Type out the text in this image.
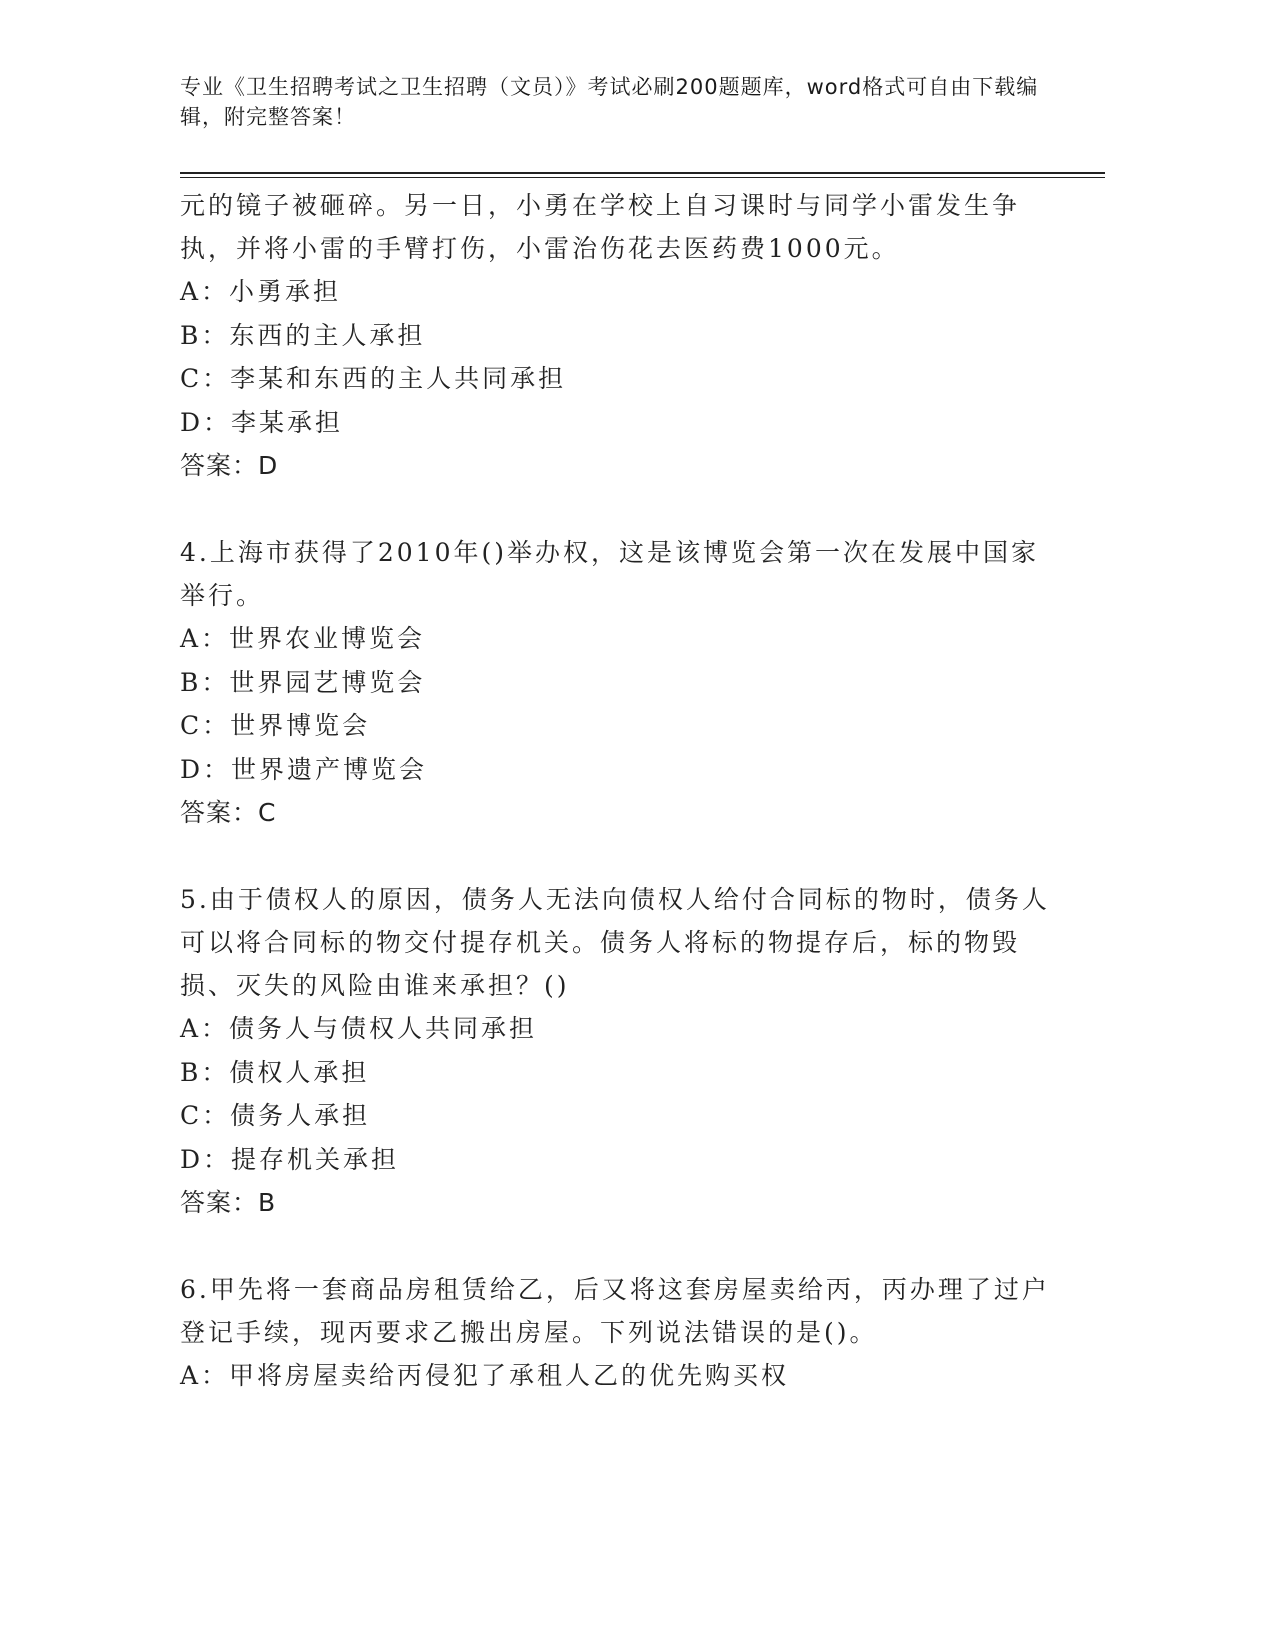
专业《卫生招聘考试之卫生招聘（文员）》考试必刷200题题库，word格式可自由下载编辑，附完整答案！

元的镜子被砸碎。另一日，小勇在学校上自习课时与同学小雷发生争执，并将小雷的手臂打伤，小雷治伤花去医药费1000元。

A：小勇承担

B：东西的主人承担

C：李某和东西的主人共同承担

D：李某承担

答案：D

4.上海市获得了2010年()举办权，这是该博览会第一次在发展中国家举行。

A：世界农业博览会

B：世界园艺博览会

C：世界博览会

D：世界遗产博览会

答案：C

5.由于债权人的原因，债务人无法向债权人给付合同标的物时，债务人可以将合同标的物交付提存机关。债务人将标的物提存后，标的物毁损、灭失的风险由谁来承担？()

A：债务人与债权人共同承担

B：债权人承担

C：债务人承担

D：提存机关承担

答案：B

6.甲先将一套商品房租赁给乙，后又将这套房屋卖给丙，丙办理了过户登记手续，现丙要求乙搬出房屋。下列说法错误的是()。

A：甲将房屋卖给丙侵犯了承租人乙的优先购买权
